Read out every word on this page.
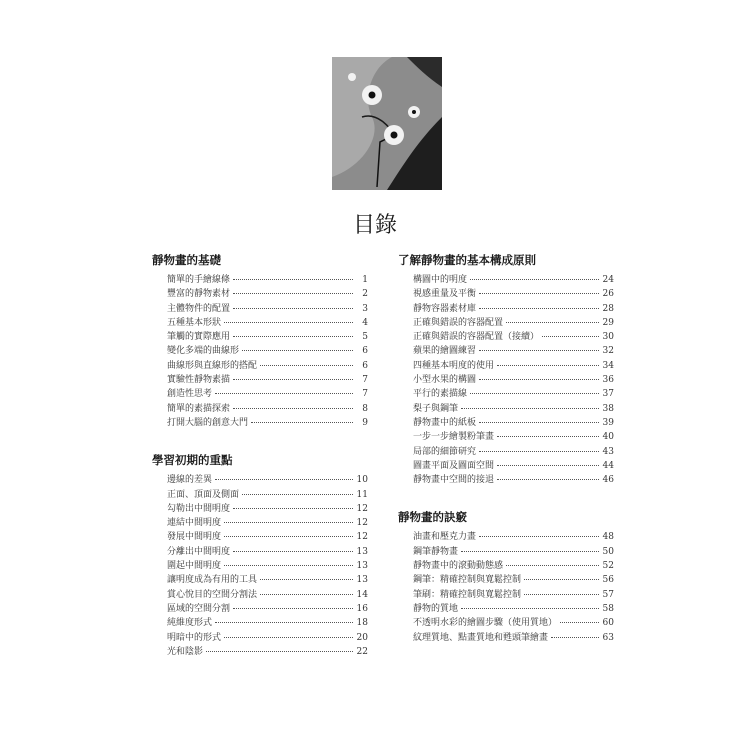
目錄
靜物畫的基礎
簡單的手繪線條	1
豐富的靜物素材	2
主體物件的配置	3
五種基本形狀	4
筆觸的實際應用	5
變化多端的曲線形	6
曲線形與直線形的搭配	6
實驗性靜物素描	7
創造性思考	7
簡單的素描探索	8
打開大腦的創意大門	9
學習初期的重點
邊線的差異	10
正面、頂面及側面	11
勾勒出中間明度	12
連結中間明度	12
發展中間明度	12
分離出中間明度	13
圍起中間明度	13
讓明度成為有用的工具	13
賞心悅目的空間分割法	14
區域的空間分割	16
純維度形式	18
明暗中的形式	20
光和陰影	22
了解靜物畫的基本構成原則
構圖中的明度	24
視感重量及平衡	26
靜物容器素材庫	28
正確與錯誤的容器配置	29
正確與錯誤的容器配置（接續）	30
蘋果的繪圖練習	32
四種基本明度的使用	34
小型水果的構圖	36
平行的素描線	37
梨子與鋼筆	38
靜物畫中的紙板	39
一步一步繪製粉筆畫	40
局部的細節研究	43
圖畫平面及圖面空間	44
靜物畫中空間的接退	46
靜物畫的訣竅
油畫和壓克力畫	48
鋼筆靜物畫	50
靜物畫中的滾動動態感	52
鋼筆：精確控制與寬鬆控制	56
筆刷：精確控制與寬鬆控制	57
靜物的質地	58
不透明水彩的繪圖步驟（使用質地）	60
紋理質地、點畫質地和甦頭筆繪畫	63
